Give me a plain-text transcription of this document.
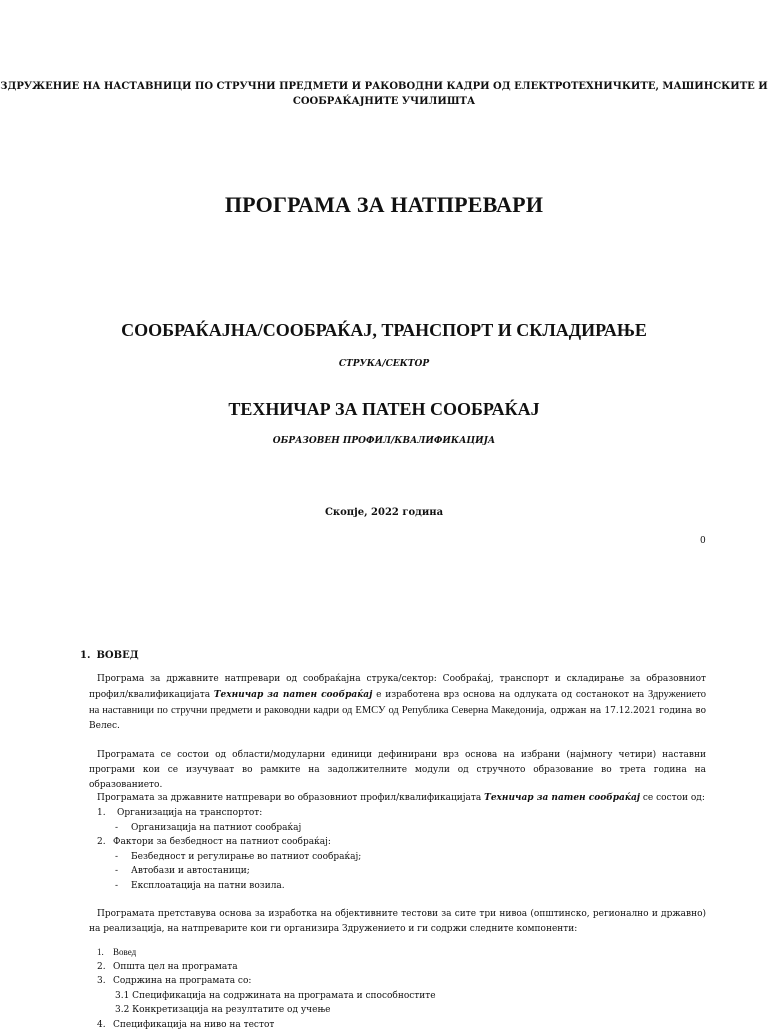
ЗДРУЖЕНИЕ НА НАСТАВНИЦИ ПО СТРУЧНИ ПРЕДМЕТИ И РАКОВОДНИ КАДРИ ОД ЕЛЕКТРОТЕХНИЧКИТЕ, МАШИНСКИТЕ И
СООБРАЌАЈНИТЕ УЧИЛИШТА
ПРОГРАМА ЗА НАТПРЕВАРИ
СООБРАЌАЈНА/СООБРАЌАЈ, ТРАНСПОРТ И СКЛАДИРАЊЕ
СТРУКА/СЕКТОР
ТЕХНИЧАР ЗА ПАТЕН СООБРАЌАЈ
ОБРАЗОВЕН ПРОФИЛ/КВАЛИФИКАЦИЈА
Скопје, 2022 година
0
1. ВОВЕД
Програма за државните натпревари од сообраќајна струка/сектор: Сообраќај, транспорт и складирање за образовниот профил/квалификацијата Техничар за патен сообраќај е изработена врз основа на одлуката од состанокот на Здружението на наставници по стручни предмети и раководни кадри од ЕМСУ од Република Северна Македонија, одржан на 17.12.2021 година во Велес.
Програмата се состои од области/модуларни единици дефинирани врз основа на избрани (најмногу четири) наставни програми кои се изучуваат во рамките на задолжителните модули од стручното образование во трета година на образованието.
Програмата за државните натпревари во образовниот профил/квалификацијата Техничар за патен сообраќај се состои од:
1. Организација на транспортот:
- Организација на патниот сообраќај
2. Фактори за безбедност на патниот сообраќај:
- Безбедност и регулирање во патниот сообраќај;
- Автобази и автостаници;
- Експлоатација на патни возила.
Програмата претставува основа за изработка на објективните тестови за сите три нивоа (општинско, регионално и државно) на реализација, на натпреварите кои ги организира Здружението и ги содржи следните компоненти:
1. Вовед
2. Општа цел на програмата
3. Содржина на програмата со:
3.1 Спецификација на содржината на програмата и способностите
3.2 Конкретизација на резултатите од учење
4. Спецификација на ниво на тестот
